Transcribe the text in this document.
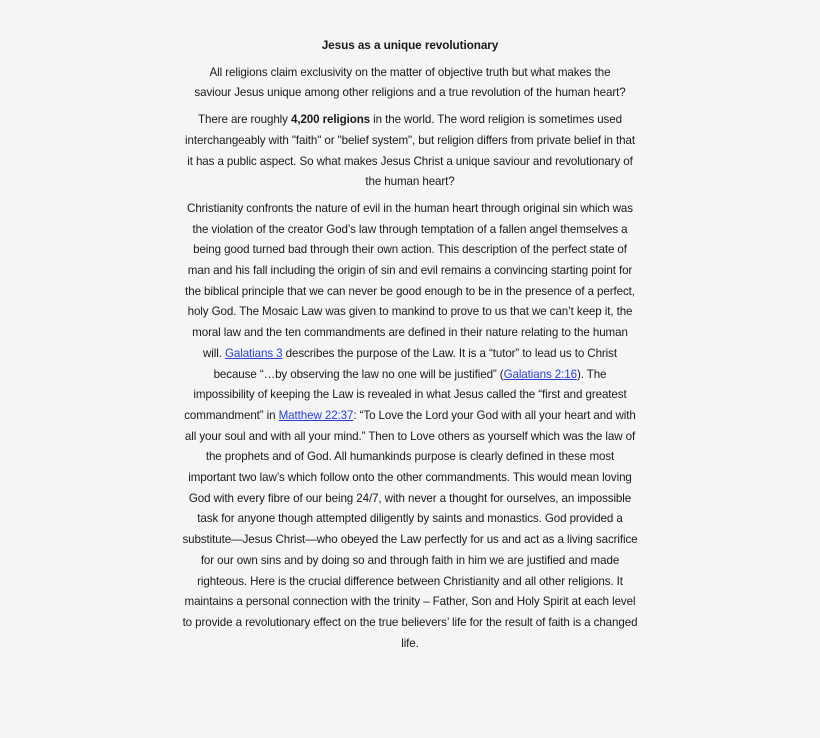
Jesus as a unique revolutionary

All religions claim exclusivity on the matter of objective truth but what makes the saviour Jesus unique among other religions and a true revolution of the human heart?

There are roughly 4,200 religions in the world. The word religion is sometimes used interchangeably with "faith" or "belief system", but religion differs from private belief in that it has a public aspect. So what makes Jesus Christ a unique saviour and revolutionary of the human heart?

Christianity confronts the nature of evil in the human heart through original sin which was the violation of the creator God’s law through temptation of a fallen angel themselves a being good turned bad through their own action. This description of the perfect state of man and his fall including the origin of sin and evil remains a convincing starting point for the biblical principle that we can never be good enough to be in the presence of a perfect, holy God. The Mosaic Law was given to mankind to prove to us that we can’t keep it, the moral law and the ten commandments are defined in their nature relating to the human will. Galatians 3 describes the purpose of the Law. It is a “tutor” to lead us to Christ because “…by observing the law no one will be justified” (Galatians 2:16). The impossibility of keeping the Law is revealed in what Jesus called the “first and greatest commandment” in Matthew 22:37: “To Love the Lord your God with all your heart and with all your soul and with all your mind.” Then to Love others as yourself which was the law of the prophets and of God. All humankinds purpose is clearly defined in these most important two law’s which follow onto the other commandments. This would mean loving God with every fibre of our being 24/7, with never a thought for ourselves, an impossible task for anyone though attempted diligently by saints and monastics. God provided a substitute—Jesus Christ—who obeyed the Law perfectly for us and act as a living sacrifice for our own sins and by doing so and through faith in him we are justified and made righteous. Here is the crucial difference between Christianity and all other religions. It maintains a personal connection with the trinity – Father, Son and Holy Spirit at each level to provide a revolutionary effect on the true believers’ life for the result of faith is a changed life.
